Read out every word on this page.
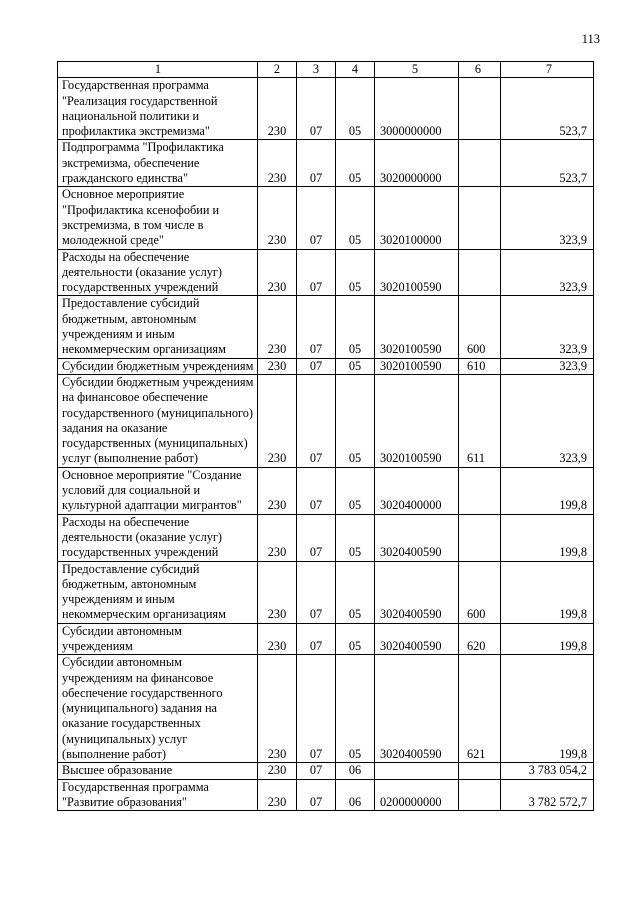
113
1	2	3	4	5	6	7
Государственная программа "Реализация государственной национальной политики и профилактика экстремизма"	230	07	05	3000000000		523,7
Подпрограмма "Профилактика экстремизма, обеспечение гражданского единства"	230	07	05	3020000000		523,7
Основное мероприятие "Профилактика ксенофобии и экстремизма, в том числе в молодежной среде"	230	07	05	3020100000		323,9
Расходы на обеспечение деятельности (оказание услуг) государственных учреждений	230	07	05	3020100590		323,9
Предоставление субсидий бюджетным, автономным учреждениям и иным некоммерческим организациям	230	07	05	3020100590	600	323,9
Субсидии бюджетным учреждениям	230	07	05	3020100590	610	323,9
Субсидии бюджетным учреждениям на финансовое обеспечение государственного (муниципального) задания на оказание государственных (муниципальных) услуг (выполнение работ)	230	07	05	3020100590	611	323,9
Основное мероприятие "Создание условий для социальной и культурной адаптации мигрантов"	230	07	05	3020400000		199,8
Расходы на обеспечение деятельности (оказание услуг) государственных учреждений	230	07	05	3020400590		199,8
Предоставление субсидий бюджетным, автономным учреждениям и иным некоммерческим организациям	230	07	05	3020400590	600	199,8
Субсидии автономным учреждениям	230	07	05	3020400590	620	199,8
Субсидии автономным учреждениям на финансовое обеспечение государственного (муниципального) задания на оказание государственных (муниципальных) услуг (выполнение работ)	230	07	05	3020400590	621	199,8
Высшее образование	230	07	06			3 783 054,2
Государственная программа "Развитие образования"	230	07	06	0200000000		3 782 572,7
